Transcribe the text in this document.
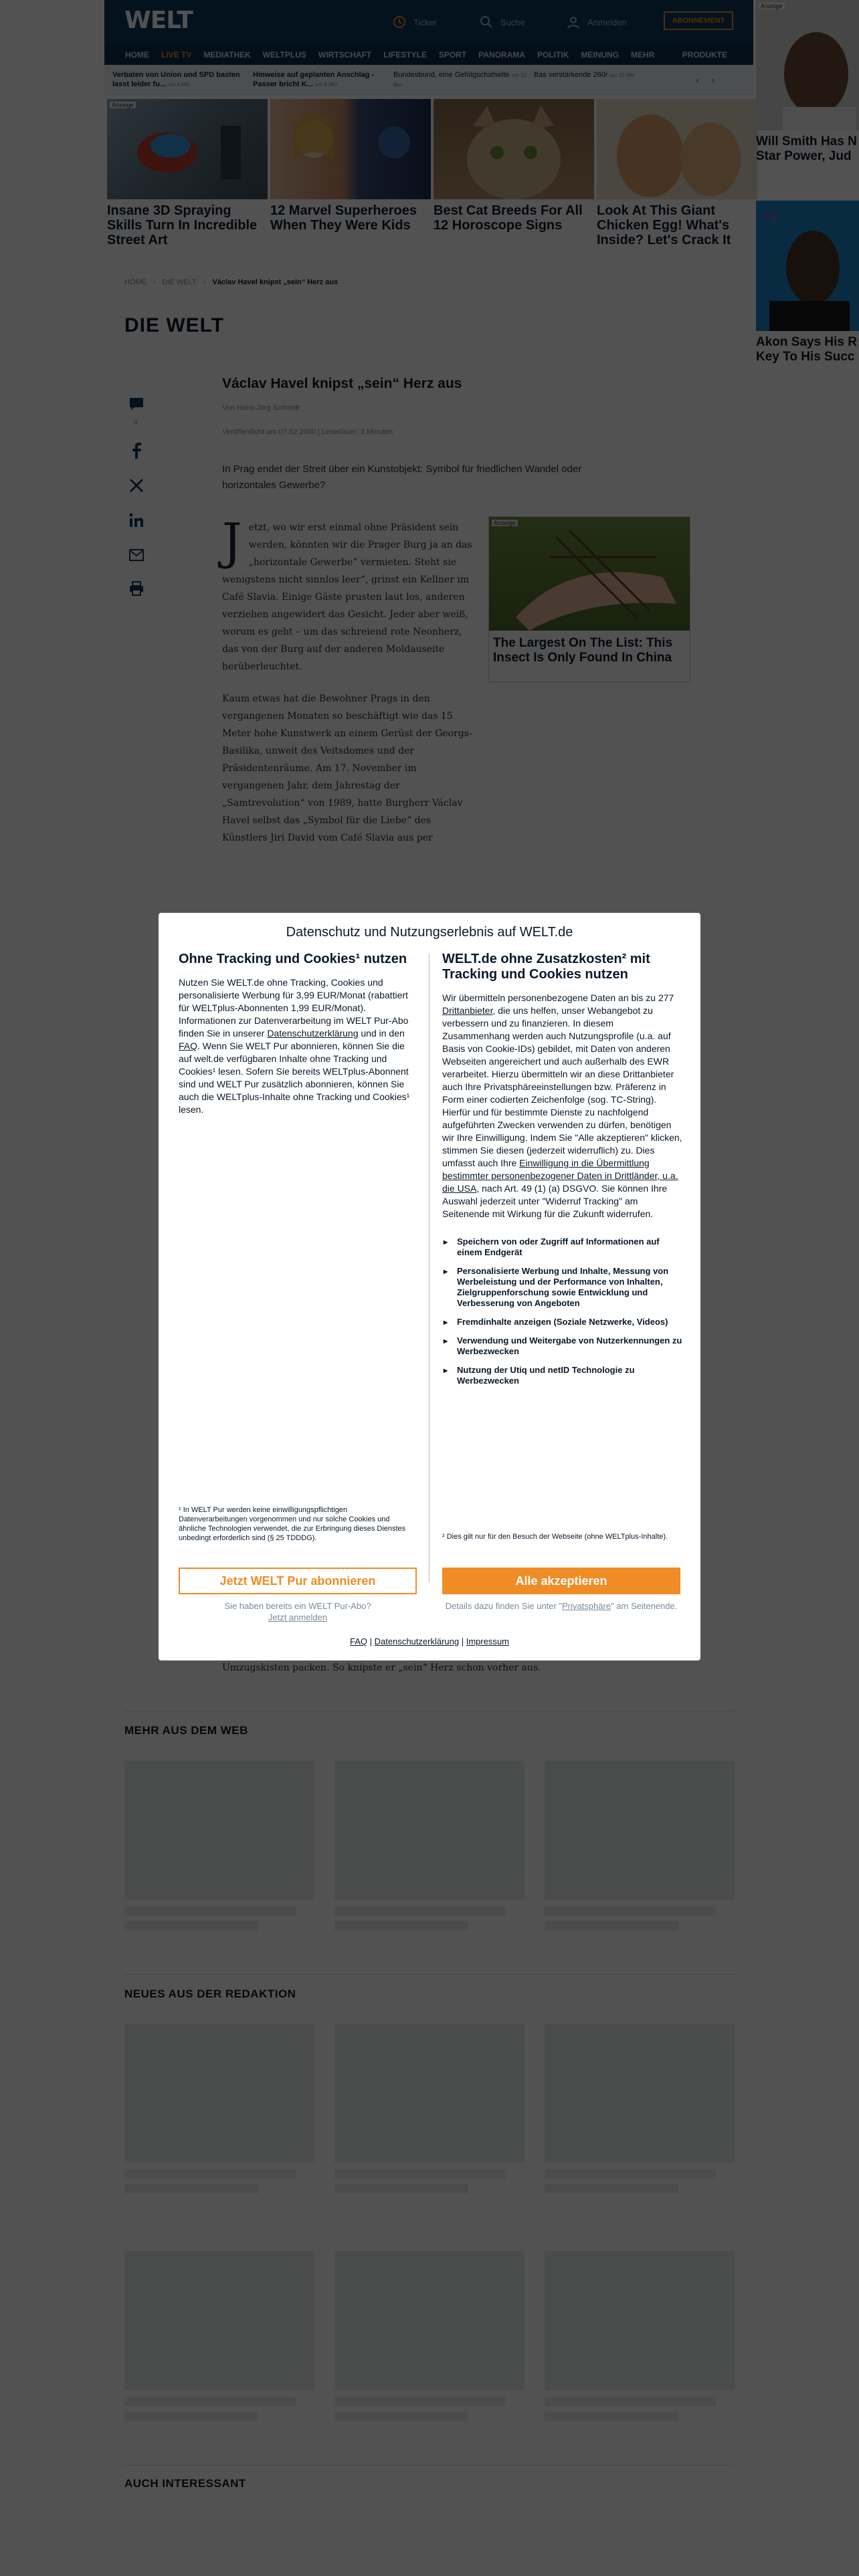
Datenschutz und Nutzungserlebnis auf WELT.de
Ohne Tracking und Cookies¹ nutzen
Nutzen Sie WELT.de ohne Tracking, Cookies und personalisierte Werbung für 3,99 EUR/Monat (rabattiert für WELTplus-Abonnenten 1,99 EUR/Monat). Informationen zur Datenverarbeitung im WELT Pur-Abo finden Sie in unserer Datenschutzerklärung und in den FAQ. Wenn Sie WELT Pur abonnieren, können Sie die auf welt.de verfügbaren Inhalte ohne Tracking und Cookies¹ lesen. Sofern Sie bereits WELTplus-Abonnent sind und WELT Pur zusätzlich abonnieren, können Sie auch die WELTplus-Inhalte ohne Tracking und Cookies¹ lesen.
¹ In WELT Pur werden keine einwilligungspflichtigen Datenverarbeitungen vorgenommen und nur solche Cookies und ähnliche Technologien verwendet, die zur Erbringung dieses Dienstes unbedingt erforderlich sind (§ 25 TDDDG).
WELT.de ohne Zusatzkosten² mit Tracking und Cookies nutzen
Wir übermitteln personenbezogene Daten an bis zu 277 Drittanbieter, die uns helfen, unser Webangebot zu verbessern und zu finanzieren. In diesem Zusammenhang werden auch Nutzungsprofile (u.a. auf Basis von Cookie-IDs) gebildet, mit Daten von anderen Webseiten angereichert und auch außerhalb des EWR verarbeitet. Hierzu übermitteln wir an diese Drittanbieter auch Ihre Privatsphäreeinstellungen bzw. Präferenz in Form einer codierten Zeichenfolge (sog. TC-String). Hierfür und für bestimmte Dienste zu nachfolgend aufgeführten Zwecken verwenden zu dürfen, benötigen wir Ihre Einwilligung. Indem Sie "Alle akzeptieren" klicken, stimmen Sie diesen (jederzeit widerruflich) zu. Dies umfasst auch Ihre Einwilligung in die Übermittlung bestimmter personenbezogener Daten in Drittländer, u.a. die USA, nach Art. 49 (1) (a) DSGVO. Sie können Ihre Auswahl jederzeit unter "Widerruf Tracking" am Seitenende mit Wirkung für die Zukunft widerrufen.
▸ Speichern von oder Zugriff auf Informationen auf einem Endgerät
▸ Personalisierte Werbung und Inhalte, Messung von Werbeleistung und der Performance von Inhalten, Zielgruppenforschung sowie Entwicklung und Verbesserung von Angeboten
▸ Fremdinhalte anzeigen (Soziale Netzwerke, Videos)
▸ Verwendung und Weitergabe von Nutzerkennungen zu Werbezwecken
▸ Nutzung der Utiq und netID Technologie zu Werbezwecken
² Dies gilt nur für den Besuch der Webseite (ohne WELTplus-Inhalte).
Jetzt WELT Pur abonnieren	Alle akzeptieren
Sie haben bereits ein WELT Pur-Abo?
Jetzt anmelden
Details dazu finden Sie unter "Privatsphäre" am Seitenende.
FAQ | Datenschutzerklärung | Impressum
